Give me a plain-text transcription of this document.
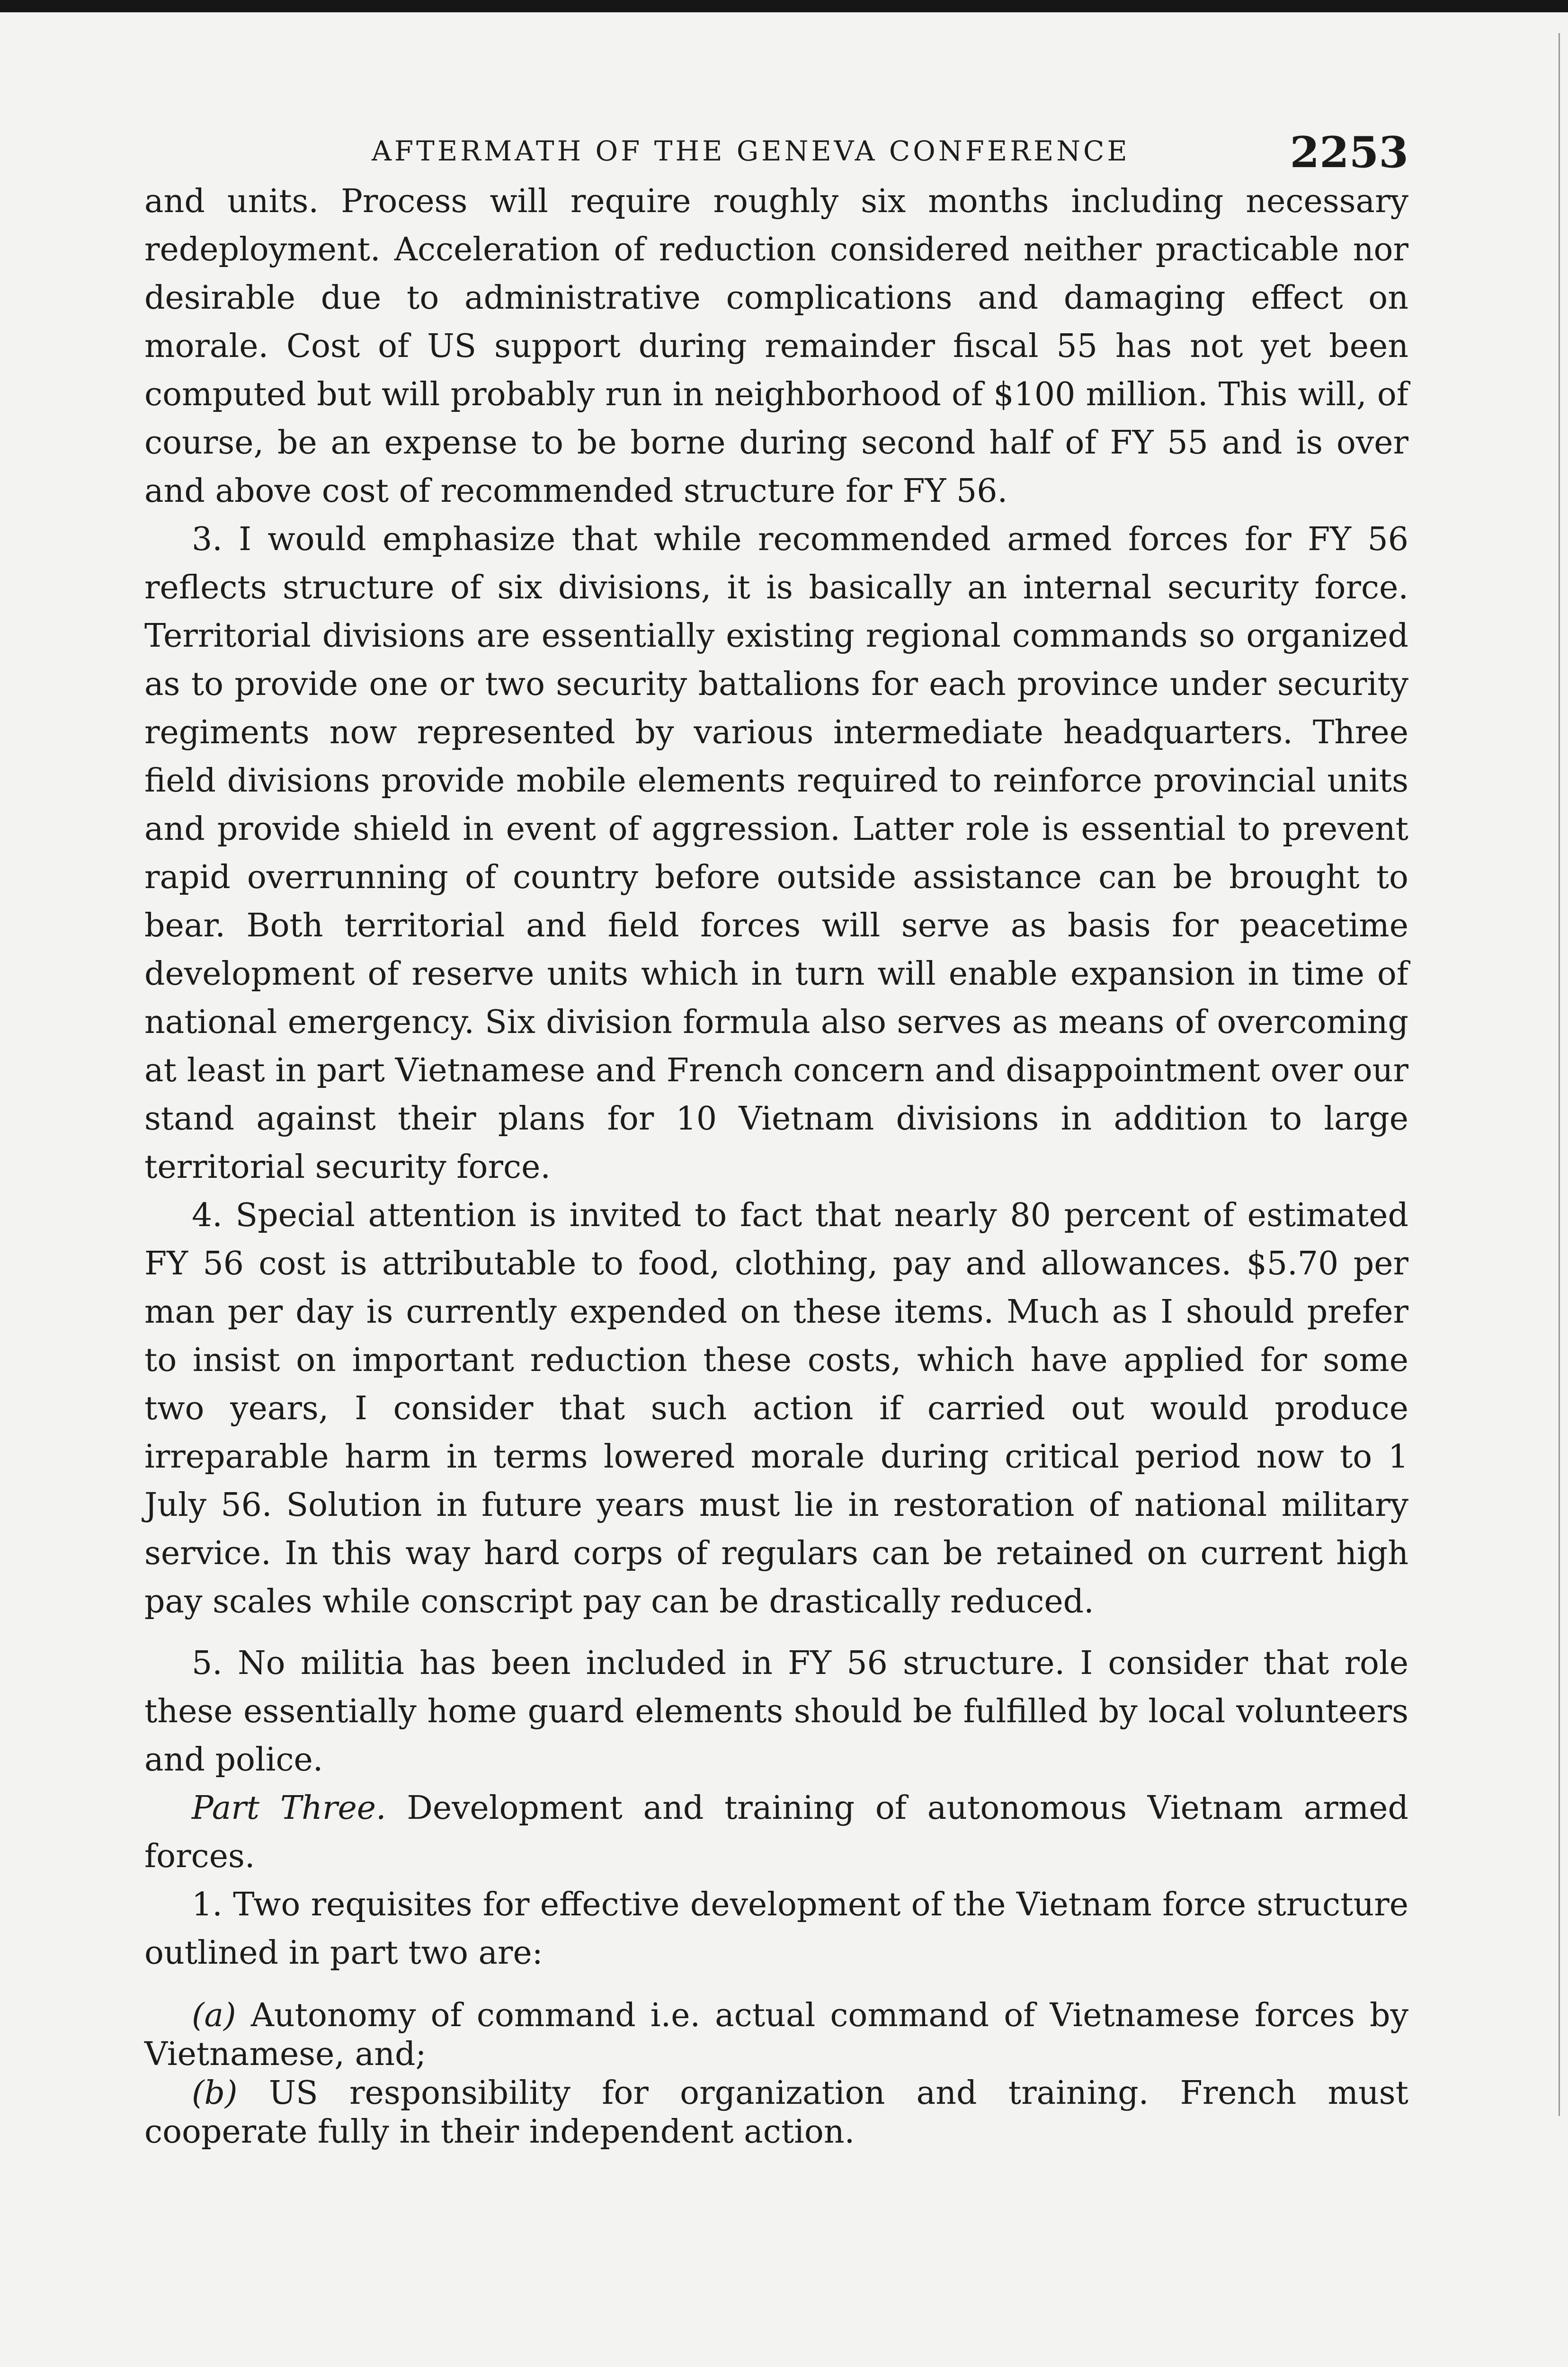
AFTERMATH OF THE GENEVA CONFERENCE	2253

and units. Process will require roughly six months including necessary redeployment. Acceleration of reduction considered neither practicable nor desirable due to administrative complications and damaging effect on morale. Cost of US support during remainder fiscal 55 has not yet been computed but will probably run in neighborhood of $100 million. This will, of course, be an expense to be borne during second half of FY 55 and is over and above cost of recommended structure for FY 56.

3. I would emphasize that while recommended armed forces for FY 56 reflects structure of six divisions, it is basically an internal security force. Territorial divisions are essentially existing regional commands so organized as to provide one or two security battalions for each province under security regiments now represented by various intermediate headquarters. Three field divisions provide mobile elements required to reinforce provincial units and provide shield in event of aggression. Latter role is essential to prevent rapid overrunning of country before outside assistance can be brought to bear. Both territorial and field forces will serve as basis for peacetime development of reserve units which in turn will enable expansion in time of national emergency. Six division formula also serves as means of overcoming at least in part Vietnamese and French concern and disappointment over our stand against their plans for 10 Vietnam divisions in addition to large territorial security force.

4. Special attention is invited to fact that nearly 80 percent of estimated FY 56 cost is attributable to food, clothing, pay and allowances. $5.70 per man per day is currently expended on these items. Much as I should prefer to insist on important reduction these costs, which have applied for some two years, I consider that such action if carried out would produce irreparable harm in terms lowered morale during critical period now to 1 July 56. Solution in future years must lie in restoration of national military service. In this way hard corps of regulars can be retained on current high pay scales while conscript pay can be drastically reduced.

5. No militia has been included in FY 56 structure. I consider that role these essentially home guard elements should be fulfilled by local volunteers and police.

Part Three. Development and training of autonomous Vietnam armed forces.

1. Two requisites for effective development of the Vietnam force structure outlined in part two are:

(a) Autonomy of command i.e. actual command of Vietnamese forces by Vietnamese, and;

(b) US responsibility for organization and training. French must cooperate fully in their independent action.
